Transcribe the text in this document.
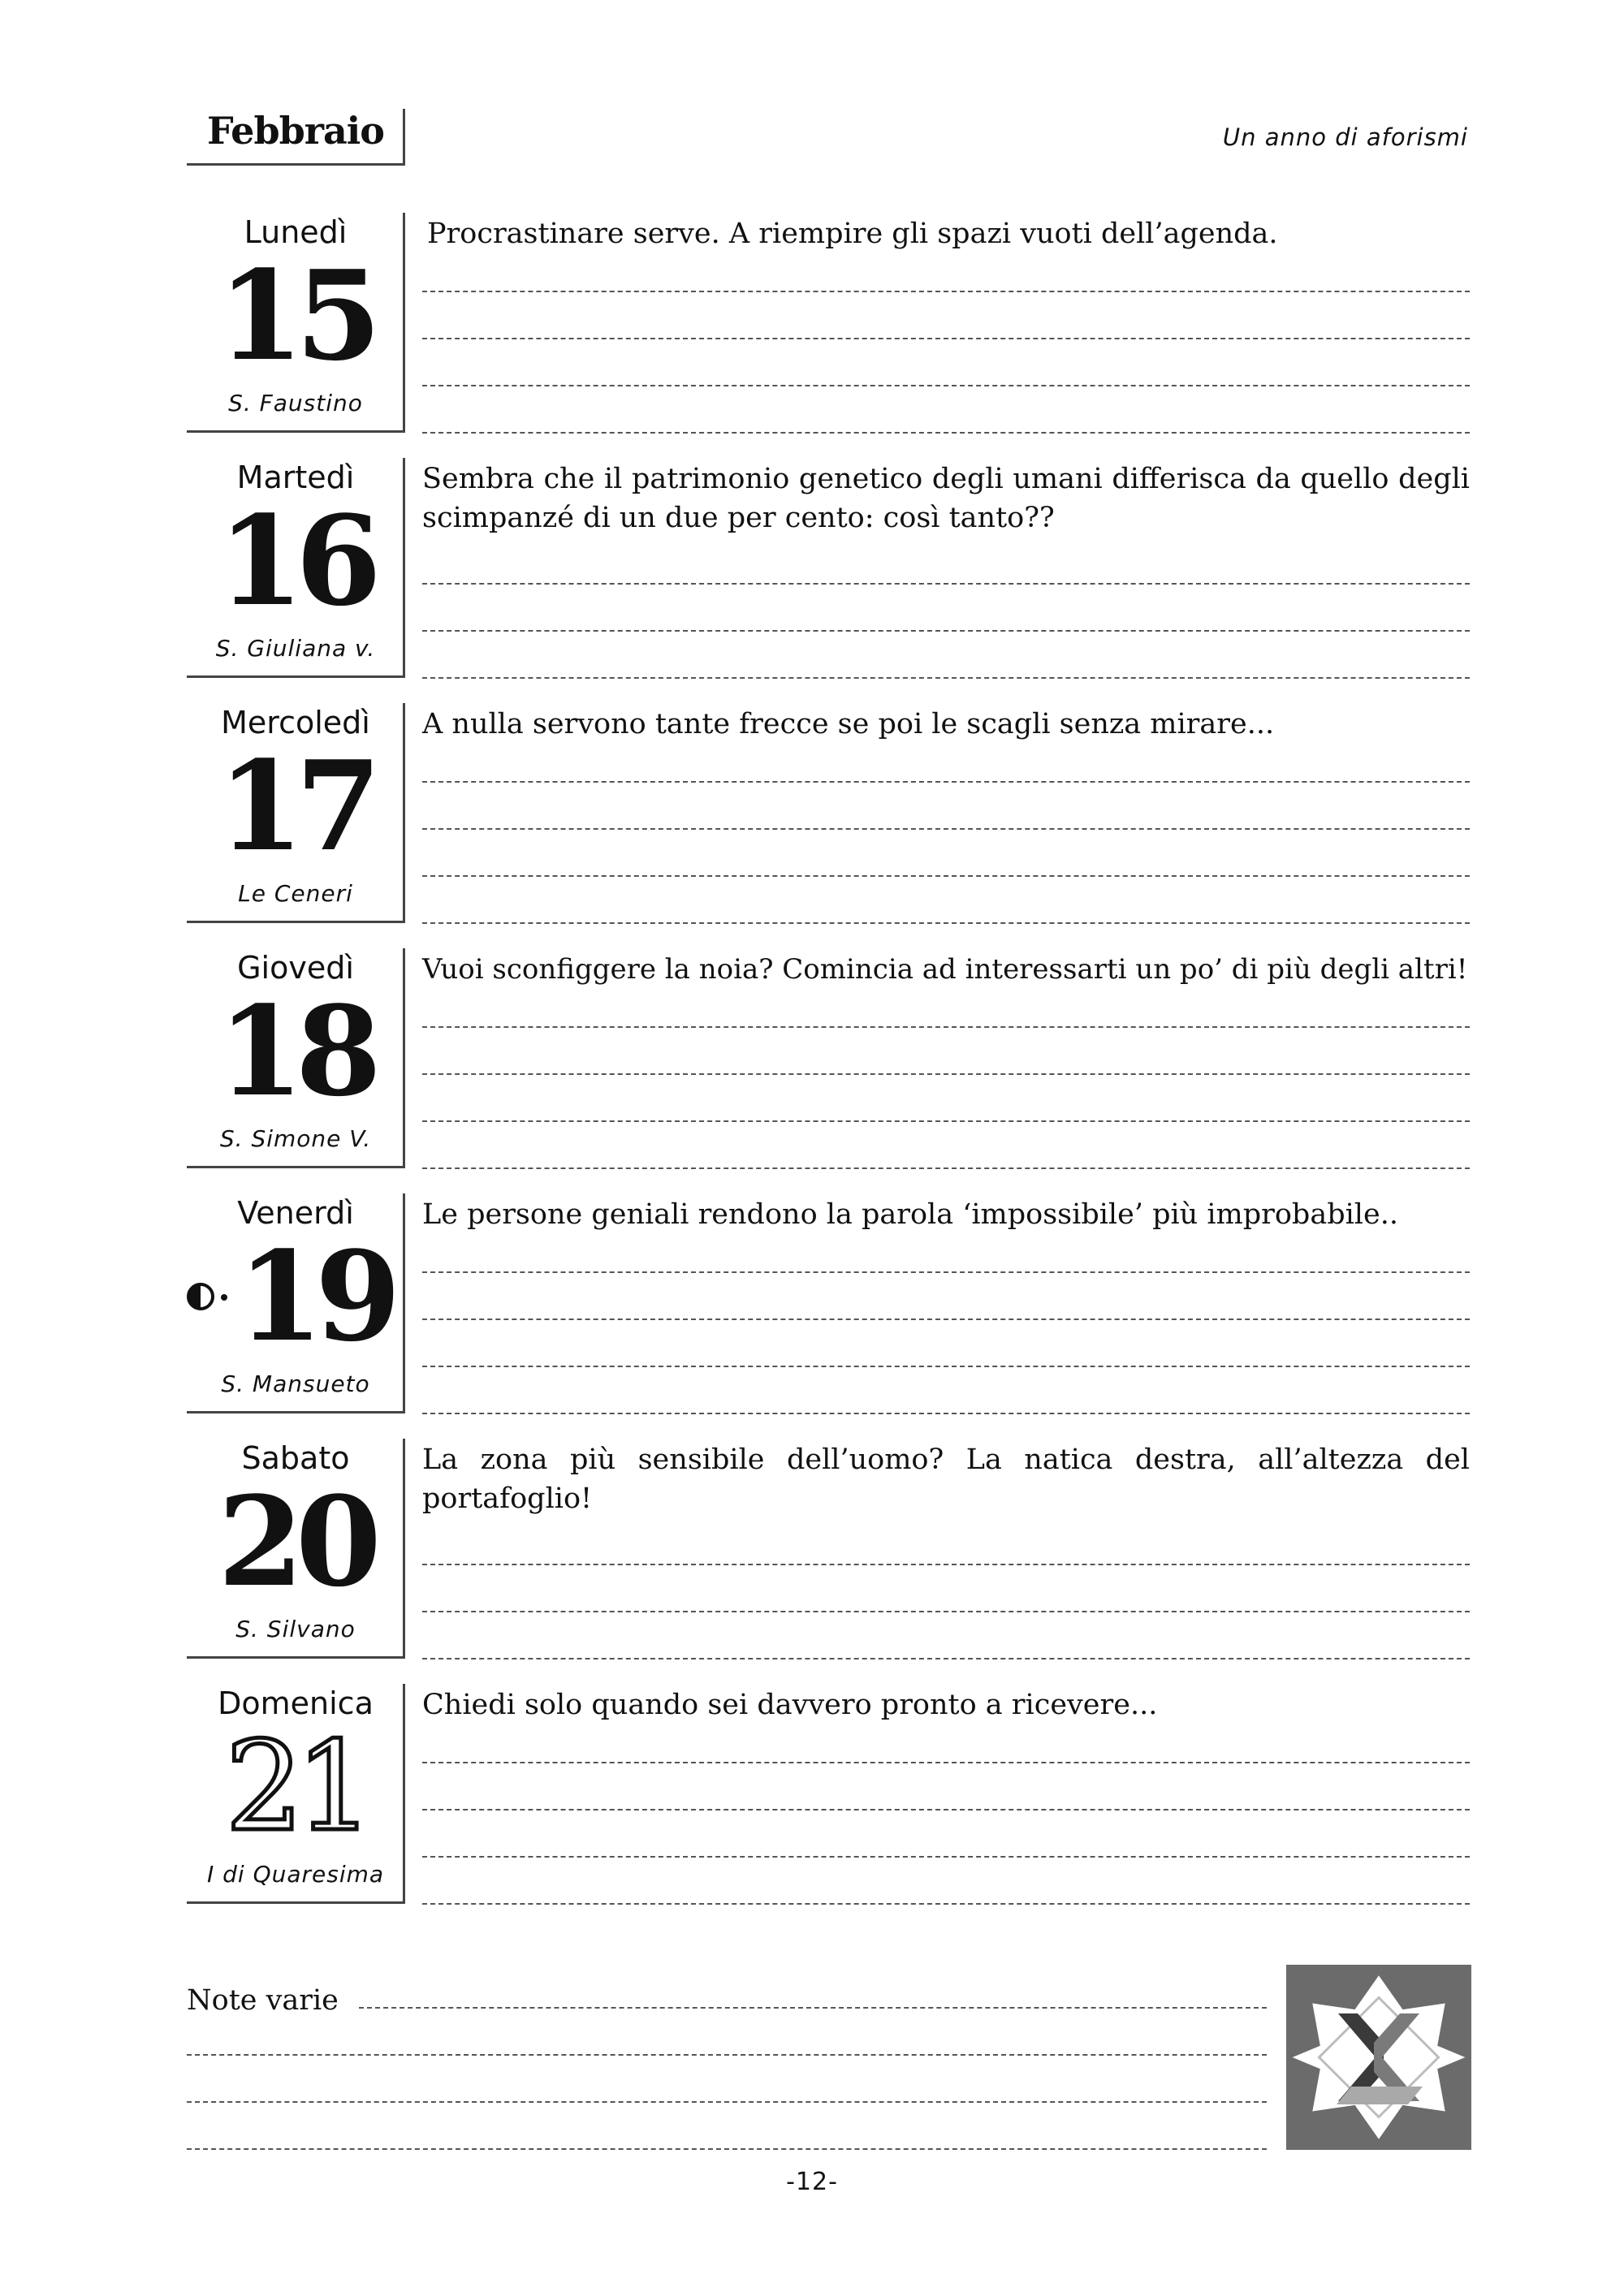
Febbraio	Un anno di aforismi
Lunedì
15
S. Faustino
Procrastinare serve. A riempire gli spazi vuoti dell’agenda.
Martedì
16
S. Giuliana v.
Sembra che il patrimonio genetico degli umani differisca da quello degli scimpanzé di un due per cento: così tanto??
Mercoledì
17
Le Ceneri
A nulla servono tante frecce se poi le scagli senza mirare...
Giovedì
18
S. Simone V.
Vuoi sconfiggere la noia? Comincia ad interessarti un po’ di più degli altri!
Venerdì
19
S. Mansueto
Le persone geniali rendono la parola ‘impossibile’ più improbabile..
Sabato
20
S. Silvano
La zona più sensibile dell’uomo? La natica destra, all’altezza del portafoglio!
Domenica
21
I di Quaresima
Chiedi solo quando sei davvero pronto a ricevere...
Note varie
-12-
